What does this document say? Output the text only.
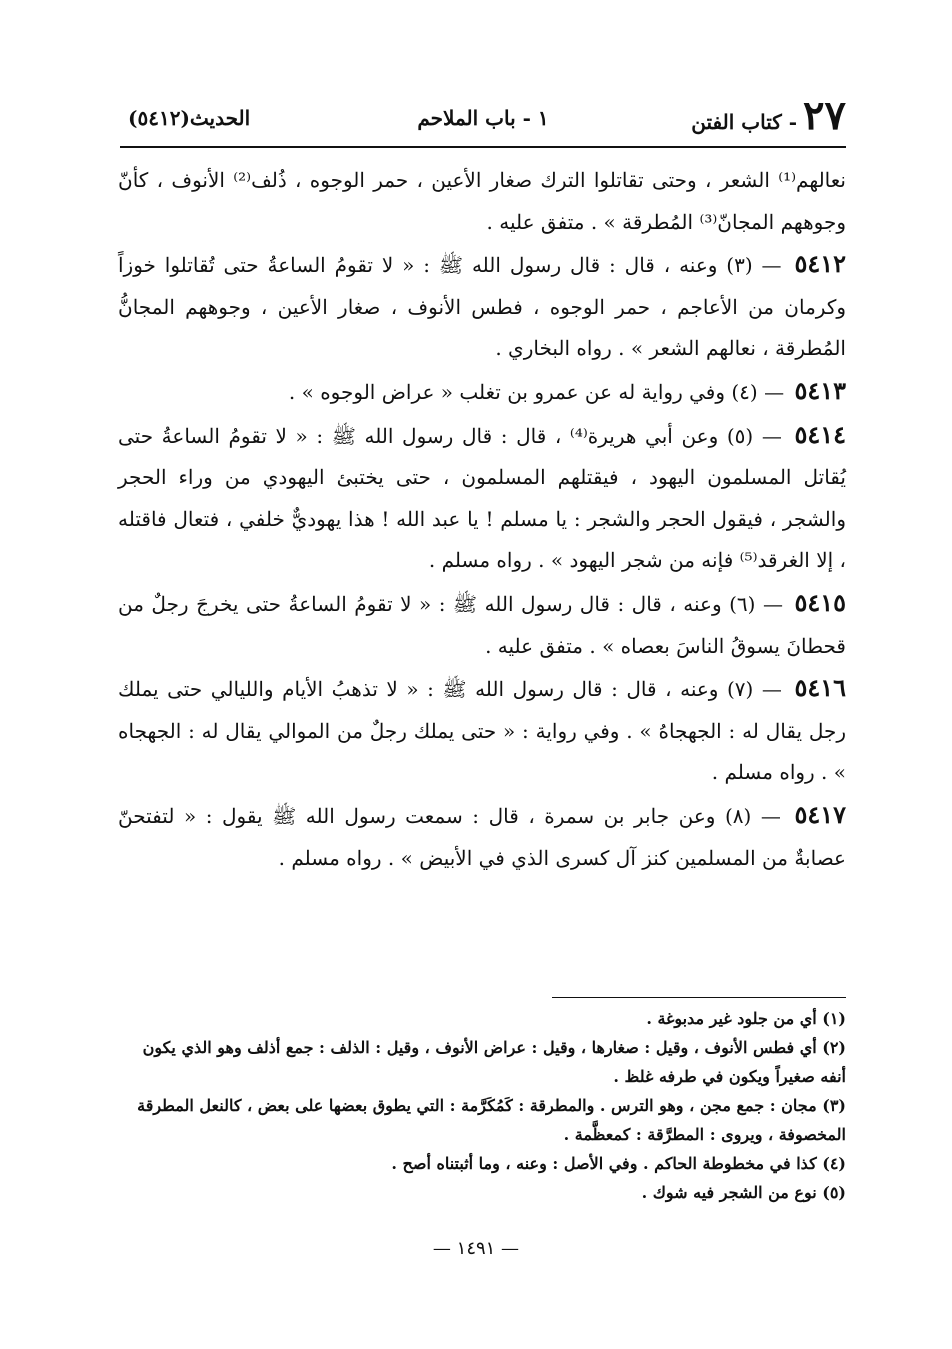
٢٧
- كتاب الفتن
١ - باب الملاحم
الحديث(٥٤١٢)

نعالهم⁽¹⁾ الشعر ، وحتى تقاتلوا الترك صغار الأعين ، حمر الوجوه ، ذُلف⁽²⁾ الأنوف ، كأنّ وجوههم المجانّ⁽³⁾ المُطرقة » . متفق عليه .

٥٤١٢ — (٣) وعنه ، قال : قال رسول الله ﷺ : « لا تقومُ الساعةُ حتى تُقاتلوا خوزاً وكرمان من الأعاجم ، حمر الوجوه ، فطس الأنوف ، صغار الأعين ، وجوههم المجانُّ المُطرقة ، نعالهم الشعر » . رواه البخاري .

٥٤١٣ — (٤) وفي رواية له عن عمرو بن تغلب « عراض الوجوه » .

٥٤١٤ — (٥) وعن أبي هريرة⁽⁴⁾ ، قال : قال رسول الله ﷺ : « لا تقومُ الساعةُ حتى يُقاتل المسلمون اليهود ، فيقتلهم المسلمون ، حتى يختبئ اليهودي من وراء الحجر والشجر ، فيقول الحجر والشجر : يا مسلم ! يا عبد الله ! هذا يهوديٌّ خلفي ، فتعال فاقتله ، إلا الغرقد⁽⁵⁾ فإنه من شجر اليهود » . رواه مسلم .

٥٤١٥ — (٦) وعنه ، قال : قال رسول الله ﷺ : « لا تقومُ الساعةُ حتى يخرجَ رجلٌ من قحطانَ يسوقُ الناسَ بعصاه » . متفق عليه .

٥٤١٦ — (٧) وعنه ، قال : قال رسول الله ﷺ : « لا تذهبُ الأيام والليالي حتى يملك رجل يقال له : الجهجاهُ » . وفي رواية : « حتى يملك رجلٌ من الموالي يقال له : الجهجاه » . رواه مسلم .

٥٤١٧ — (٨) وعن جابر بن سمرة ، قال : سمعت رسول الله ﷺ يقول : « لتفتحنّ عصابةٌ من المسلمين كنز آل كسرى الذي في الأبيض » . رواه مسلم .

(١) أي من جلود غير مدبوغة .

(٢) أي فطس الأنوف ، وقيل : صغارها ، وقيل : عراض الأنوف ، وقيل : الذلف : جمع أذلف وهو الذي يكون أنفه صغيراً ويكون في طرفه غلظ .

(٣) مجان : جمع مجن ، وهو الترس . والمطرقة : كَمُكَرَّمة : التي يطوق بعضها على بعض ، كالنعل المطرقة المخصوفة ، ويروى : المطرَّقة : كمعظَّمة .

(٤) كذا في مخطوطة الحاكم . وفي الأصل : وعنه ، وما أثبتناه أصح .

(٥) نوع من الشجر فيه شوك .

— ١٤٩١ —
